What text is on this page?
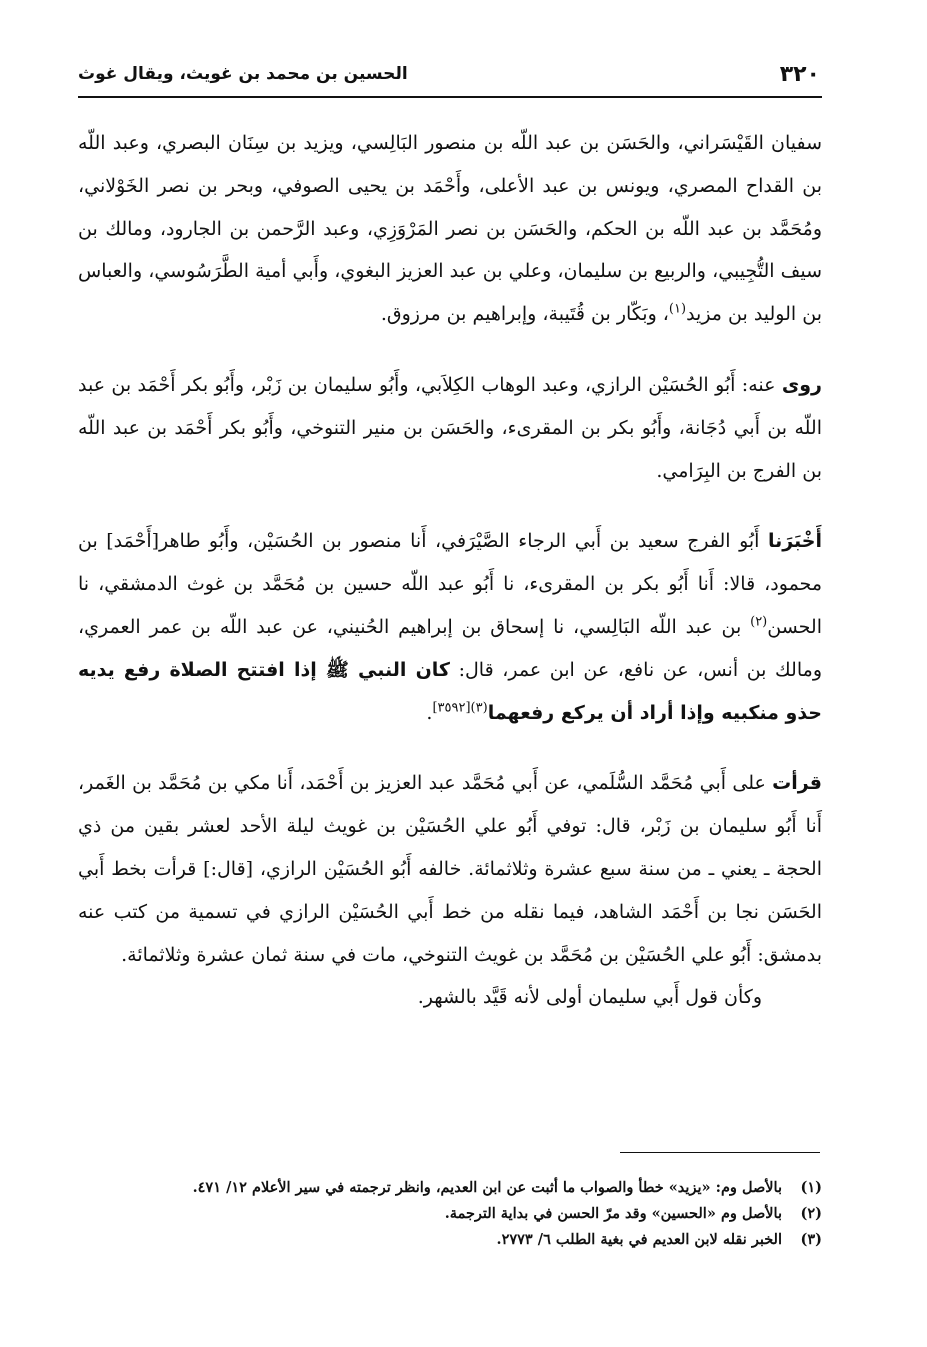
٣٢٠
الحسين بن محمد بن غويث، ويقال غوث

سفيان القَيْسَراني، والحَسَن بن عبد اللّه بن منصور البَالِسي، ويزيد بن سِنَان البصري، وعبد اللّه بن القداح المصري، ويونس بن عبد الأعلى، وأَحْمَد بن يحيى الصوفي، وبحر بن نصر الخَوْلاني، ومُحَمَّد بن عبد اللّه بن الحكم، والحَسَن بن نصر المَرْوَزِي، وعبد الرَّحمن بن الجارود، ومالك بن سيف التُّجِيبي، والربيع بن سليمان، وعلي بن عبد العزيز البغوي، وأَبي أمية الطَّرَسُوسي، والعباس بن الوليد بن مزيد$^{(١)}$، وبَكّار بن قُتَيبة، وإبراهيم بن مرزوق.

روى عنه: أَبُو الحُسَيْن الرازي، وعبد الوهاب الكِلاَبي، وأَبُو سليمان بن زَبْر، وأَبُو بكر أَحْمَد بن عبد اللّه بن أَبي دُجَانة، وأَبُو بكر بن المقرىء، والحَسَن بن منير التنوخي، وأَبُو بكر أَحْمَد بن عبد اللّه بن الفرج بن البِرَامي.

أَخْبَرَنا أَبُو الفرج سعيد بن أَبي الرجاء الصَّيْرَفي، أَنا منصور بن الحُسَيْن، وأَبُو طاهر[أَحْمَد] بن محمود، قالا: أَنا أَبُو بكر بن المقرىء، نا أَبُو عبد اللّه حسين بن مُحَمَّد بن غوث الدمشقي، نا الحسن$^{(٢)}$ بن عبد اللّه البَالِسي، نا إسحاق بن إبراهيم الحُنيني، عن عبد اللّه بن عمر العمري، ومالك بن أنس، عن نافع، عن ابن عمر، قال: كان النبي ﷺ إذا افتتح الصلاة رفع يديه حذو منكبيه وإذا أراد أن يركع رفعهما$^{(٣)[٣٥٩٢]}$.

قرأت على أَبي مُحَمَّد السُّلَمي، عن أَبي مُحَمَّد عبد العزيز بن أَحْمَد، أَنا مكي بن مُحَمَّد بن الغَمر، أَنا أَبُو سليمان بن زَبْر، قال: توفي أَبُو علي الحُسَيْن بن غويث ليلة الأحد لعشر بقين من ذي الحجة ـ يعني ـ من سنة سبع عشرة وثلاثمائة. خالفه أَبُو الحُسَيْن الرازي، [قال:] قرأت بخط أَبي الحَسَن نجا بن أَحْمَد الشاهد، فيما نقله من خط أَبي الحُسَيْن الرازي في تسمية من كتب عنه بدمشق: أَبُو علي الحُسَيْن بن مُحَمَّد بن غويث التنوخي، مات في سنة ثمان عشرة وثلاثمائة.

وكأن قول أَبي سليمان أولى لأنه قَيَّد بالشهر.

(١)
بالأصل وم: «يزيد» خطأ والصواب ما أثبت عن ابن العديم، وانظر ترجمته في سير الأعلام ١٢/ ٤٧١.
(٢)
بالأصل وم «الحسين» وقد مرّ الحسن في بداية الترجمة.
(٣)
الخبر نقله لابن العديم في بغية الطلب ٦/ ٢٧٧٣.
